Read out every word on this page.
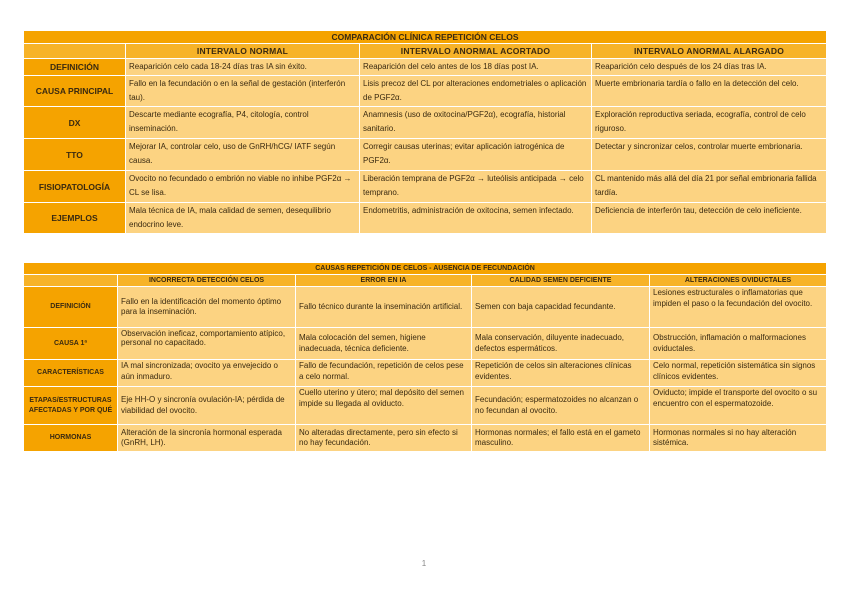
COMPARACIÓN CLÍNICA REPETICIÓN CELOS			
	INTERVALO NORMAL	INTERVALO ANORMAL ACORTADO	INTERVALO ANORMAL ALARGADO
DEFINICIÓN	Reaparición celo cada 18-24 días tras IA sin éxito.	Reaparición del celo antes de los 18 días post IA.	Reaparición celo después de los 24 días tras IA.
CAUSA PRINCIPAL	Fallo en la fecundación o en la señal de gestación (interferón tau).	Lisis precoz del CL por alteraciones endometriales o aplicación de PGF2α.	Muerte embrionaria tardía o fallo en la detección del celo.
DX	Descarte mediante ecografía, P4, citología, control inseminación.	Anamnesis (uso de oxitocina/PGF2α), ecografía, historial sanitario.	Exploración reproductiva seriada, ecografía, control de celo riguroso.
TTO	Mejorar IA, controlar celo, uso de GnRH/hCG/ IATF según causa.	Corregir causas uterinas; evitar aplicación iatrogénica de PGF2α.	Detectar y sincronizar celos, controlar muerte embrionaria.
FISIOPATOLOGÍA	Ovocito no fecundado o embrión no viable no inhibe PGF2α → CL se lisa.	Liberación temprana de PGF2α → luteólisis anticipada → celo temprano.	CL mantenido más allá del día 21 por señal embrionaria fallida tardía.
EJEMPLOS	Mala técnica de IA, mala calidad de semen, desequilibrio endocrino leve.	Endometritis, administración de oxitocina, semen infectado.	Deficiencia de interferón tau, detección de celo ineficiente.
CAUSAS REPETICIÓN DE CELOS - AUSENCIA DE FECUNDACIÓN				
	INCORRECTA DETECCIÓN CELOS	ERROR EN IA	CALIDAD SEMEN DEFICIENTE	ALTERACIONES OVIDUCTALES
DEFINICIÓN	Fallo en la identificación del momento óptimo para la inseminación.	Fallo técnico durante la inseminación artificial.	Semen con baja capacidad fecundante.	Lesiones estructurales o inflamatorias que impiden el paso o la fecundación del ovocito.
CAUSA 1ª	Observación ineficaz, comportamiento atípico, personal no capacitado.	Mala colocación del semen, higiene inadecuada, técnica deficiente.	Mala conservación, diluyente inadecuado, defectos espermáticos.	Obstrucción, inflamación o malformaciones oviductales.
CARACTERÍSTICAS	IA mal sincronizada; ovocito ya envejecido o aún inmaduro.	Fallo de fecundación, repetición de celos pese a celo normal.	Repetición de celos sin alteraciones clínicas evidentes.	Celo normal, repetición sistemática sin signos clínicos evidentes.
ETAPAS/ESTRUCTURAS AFECTADAS Y POR QUÉ	Eje HH-O y sincronía ovulación-IA; pérdida de viabilidad del ovocito.	Cuello uterino y útero; mal depósito del semen impide su llegada al oviducto.	Fecundación; espermatozoides no alcanzan o no fecundan al ovocito.	Oviducto; impide el transporte del ovocito o su encuentro con el espermatozoide.
HORMONAS	Alteración de la sincronía hormonal esperada (GnRH, LH).	No alteradas directamente, pero sin efecto si no hay fecundación.	Hormonas normales; el fallo está en el gameto masculino.	Hormonas normales si no hay alteración sistémica.
1
